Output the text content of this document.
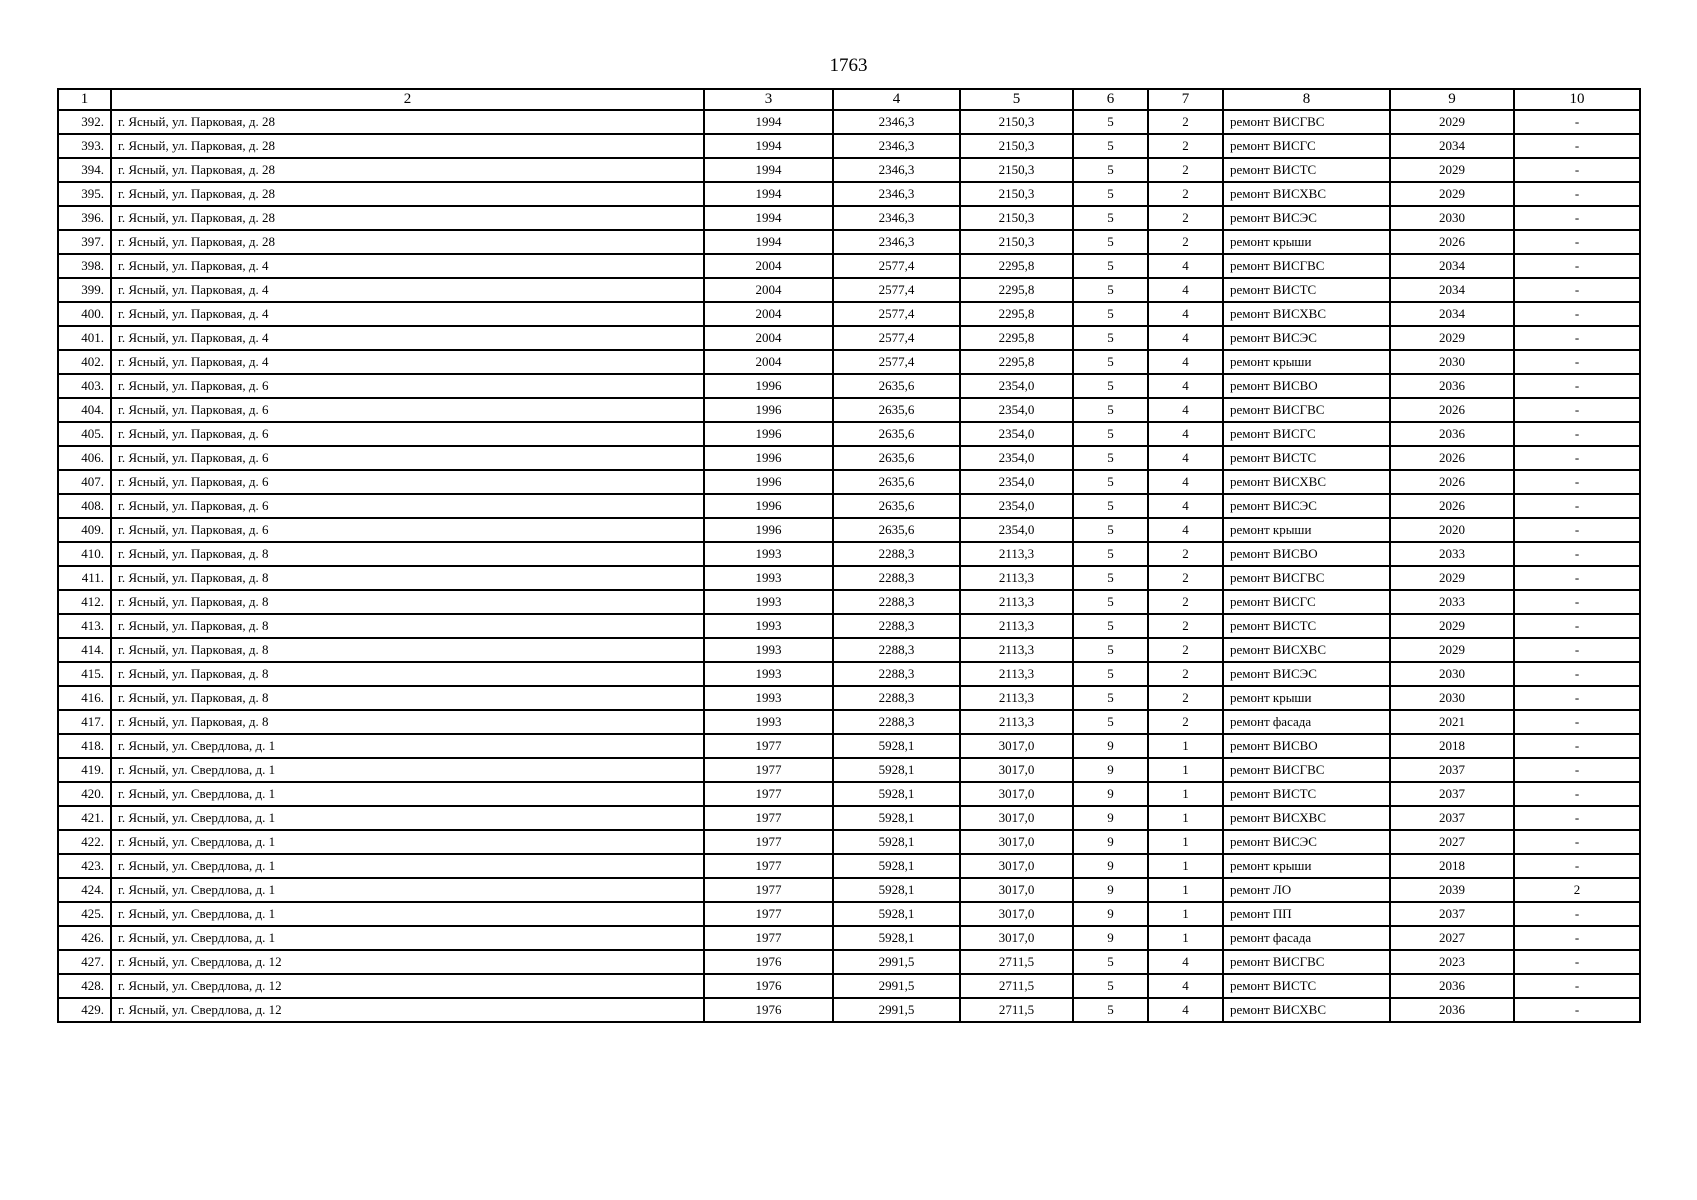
1763
1	2	3	4	5	6	7	8	9	10
392.	г. Ясный, ул. Парковая, д. 28	1994	2346,3	2150,3	5	2	ремонт ВИСГВС	2029	-
393.	г. Ясный, ул. Парковая, д. 28	1994	2346,3	2150,3	5	2	ремонт ВИСГС	2034	-
394.	г. Ясный, ул. Парковая, д. 28	1994	2346,3	2150,3	5	2	ремонт ВИСТС	2029	-
395.	г. Ясный, ул. Парковая, д. 28	1994	2346,3	2150,3	5	2	ремонт ВИСХВС	2029	-
396.	г. Ясный, ул. Парковая, д. 28	1994	2346,3	2150,3	5	2	ремонт ВИСЭС	2030	-
397.	г. Ясный, ул. Парковая, д. 28	1994	2346,3	2150,3	5	2	ремонт крыши	2026	-
398.	г. Ясный, ул. Парковая, д. 4	2004	2577,4	2295,8	5	4	ремонт ВИСГВС	2034	-
399.	г. Ясный, ул. Парковая, д. 4	2004	2577,4	2295,8	5	4	ремонт ВИСТС	2034	-
400.	г. Ясный, ул. Парковая, д. 4	2004	2577,4	2295,8	5	4	ремонт ВИСХВС	2034	-
401.	г. Ясный, ул. Парковая, д. 4	2004	2577,4	2295,8	5	4	ремонт ВИСЭС	2029	-
402.	г. Ясный, ул. Парковая, д. 4	2004	2577,4	2295,8	5	4	ремонт крыши	2030	-
403.	г. Ясный, ул. Парковая, д. 6	1996	2635,6	2354,0	5	4	ремонт ВИСВО	2036	-
404.	г. Ясный, ул. Парковая, д. 6	1996	2635,6	2354,0	5	4	ремонт ВИСГВС	2026	-
405.	г. Ясный, ул. Парковая, д. 6	1996	2635,6	2354,0	5	4	ремонт ВИСГС	2036	-
406.	г. Ясный, ул. Парковая, д. 6	1996	2635,6	2354,0	5	4	ремонт ВИСТС	2026	-
407.	г. Ясный, ул. Парковая, д. 6	1996	2635,6	2354,0	5	4	ремонт ВИСХВС	2026	-
408.	г. Ясный, ул. Парковая, д. 6	1996	2635,6	2354,0	5	4	ремонт ВИСЭС	2026	-
409.	г. Ясный, ул. Парковая, д. 6	1996	2635,6	2354,0	5	4	ремонт крыши	2020	-
410.	г. Ясный, ул. Парковая, д. 8	1993	2288,3	2113,3	5	2	ремонт ВИСВО	2033	-
411.	г. Ясный, ул. Парковая, д. 8	1993	2288,3	2113,3	5	2	ремонт ВИСГВС	2029	-
412.	г. Ясный, ул. Парковая, д. 8	1993	2288,3	2113,3	5	2	ремонт ВИСГС	2033	-
413.	г. Ясный, ул. Парковая, д. 8	1993	2288,3	2113,3	5	2	ремонт ВИСТС	2029	-
414.	г. Ясный, ул. Парковая, д. 8	1993	2288,3	2113,3	5	2	ремонт ВИСХВС	2029	-
415.	г. Ясный, ул. Парковая, д. 8	1993	2288,3	2113,3	5	2	ремонт ВИСЭС	2030	-
416.	г. Ясный, ул. Парковая, д. 8	1993	2288,3	2113,3	5	2	ремонт крыши	2030	-
417.	г. Ясный, ул. Парковая, д. 8	1993	2288,3	2113,3	5	2	ремонт фасада	2021	-
418.	г. Ясный, ул. Свердлова, д. 1	1977	5928,1	3017,0	9	1	ремонт ВИСВО	2018	-
419.	г. Ясный, ул. Свердлова, д. 1	1977	5928,1	3017,0	9	1	ремонт ВИСГВС	2037	-
420.	г. Ясный, ул. Свердлова, д. 1	1977	5928,1	3017,0	9	1	ремонт ВИСТС	2037	-
421.	г. Ясный, ул. Свердлова, д. 1	1977	5928,1	3017,0	9	1	ремонт ВИСХВС	2037	-
422.	г. Ясный, ул. Свердлова, д. 1	1977	5928,1	3017,0	9	1	ремонт ВИСЭС	2027	-
423.	г. Ясный, ул. Свердлова, д. 1	1977	5928,1	3017,0	9	1	ремонт крыши	2018	-
424.	г. Ясный, ул. Свердлова, д. 1	1977	5928,1	3017,0	9	1	ремонт ЛО	2039	2
425.	г. Ясный, ул. Свердлова, д. 1	1977	5928,1	3017,0	9	1	ремонт ПП	2037	-
426.	г. Ясный, ул. Свердлова, д. 1	1977	5928,1	3017,0	9	1	ремонт фасада	2027	-
427.	г. Ясный, ул. Свердлова, д. 12	1976	2991,5	2711,5	5	4	ремонт ВИСГВС	2023	-
428.	г. Ясный, ул. Свердлова, д. 12	1976	2991,5	2711,5	5	4	ремонт ВИСТС	2036	-
429.	г. Ясный, ул. Свердлова, д. 12	1976	2991,5	2711,5	5	4	ремонт ВИСХВС	2036	-
